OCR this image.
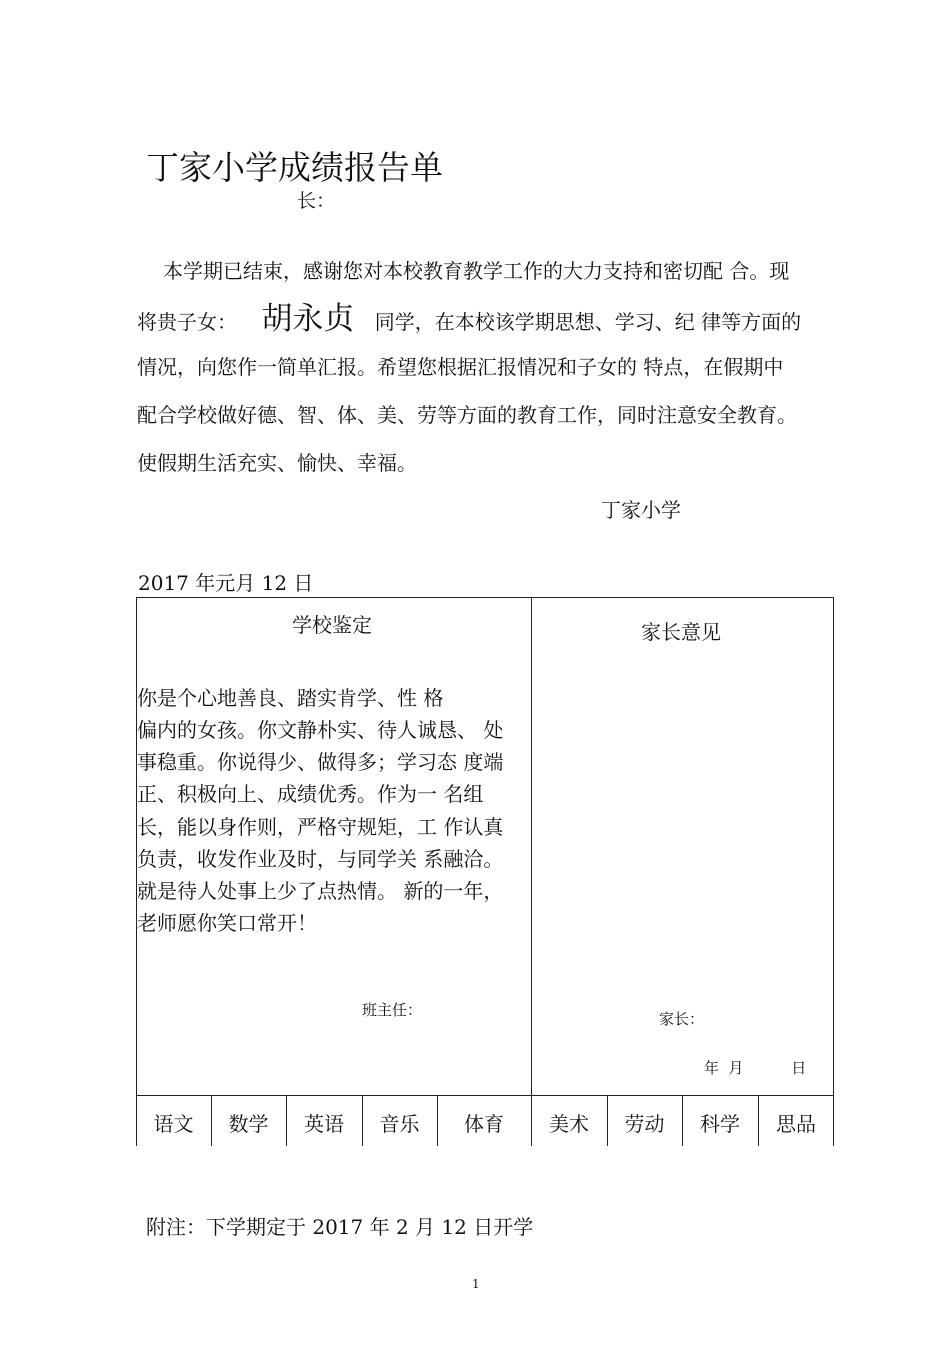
丁家小学成绩报告单
长：
本学期已结束，感谢您对本校教育教学工作的大力支持和密切配 合。现
将贵子女： 胡永贞 同学，在本校该学期思想、学习、纪 律等方面的
情况，向您作一简单汇报。希望您根据汇报情况和子女的 特点，在假期中
配合学校做好德、智、体、美、劳等方面的教育工作，同时注意安全教育。
使假期生活充实、愉快、幸福。
丁家小学
2017 年元月 12 日
学校鉴定	家长意见
你是个心地善良、踏实肯学、性 格
偏内的女孩。你文静朴实、待人诚恳、 处
事稳重。你说得少、做得多；学习态 度端
正、积极向上、成绩优秀。作为一 名组
长，能以身作则，严格守规矩，工 作认真
负责，收发作业及时，与同学关 系融洽。
就是待人处事上少了点热情。 新的一年，
老师愿你笑口常开！
班主任：	家长：
年  月          日
语文	数学	英语	音乐	体育	美术	劳动	科学	思品
附注：下学期定于 2017 年 2 月 12 日开学
1
